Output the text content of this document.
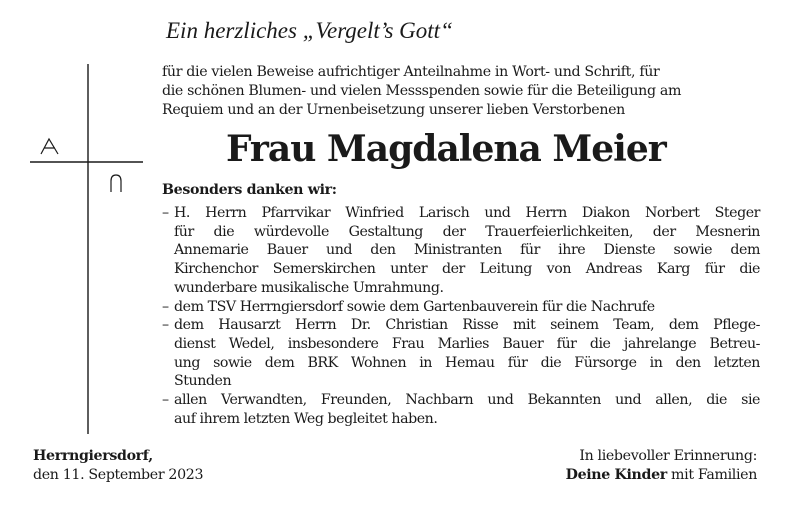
Ein herzliches „Vergelt’s Gott“
für die vielen Beweise aufrichtiger Anteilnahme in Wort- und Schrift, für
die schönen Blumen- und vielen Messspenden sowie für die Beteiligung am
Requiem und an der Urnenbeisetzung unserer lieben Verstorbenen
Frau Magdalena Meier
Besonders danken wir:
– H. Herrn Pfarrvikar Winfried Larisch und Herrn Diakon Norbert Steger
für die würdevolle Gestaltung der Trauerfeierlichkeiten, der Mesnerin
Annemarie Bauer und den Ministranten für ihre Dienste sowie dem
Kirchenchor Semerskirchen unter der Leitung von Andreas Karg für die
wunderbare musikalische Umrahmung.
– dem TSV Herrngiersdorf sowie dem Gartenbauverein für die Nachrufe
– dem Hausarzt Herrn Dr. Christian Risse mit seinem Team, dem Pflege-
dienst Wedel, insbesondere Frau Marlies Bauer für die jahrelange Betreu-
ung sowie dem BRK Wohnen in Hemau für die Fürsorge in den letzten
Stunden
– allen Verwandten, Freunden, Nachbarn und Bekannten und allen, die sie
auf ihrem letzten Weg begleitet haben.
Herrngiersdorf,
den 11. September 2023
In liebevoller Erinnerung:
Deine Kinder mit Familien
